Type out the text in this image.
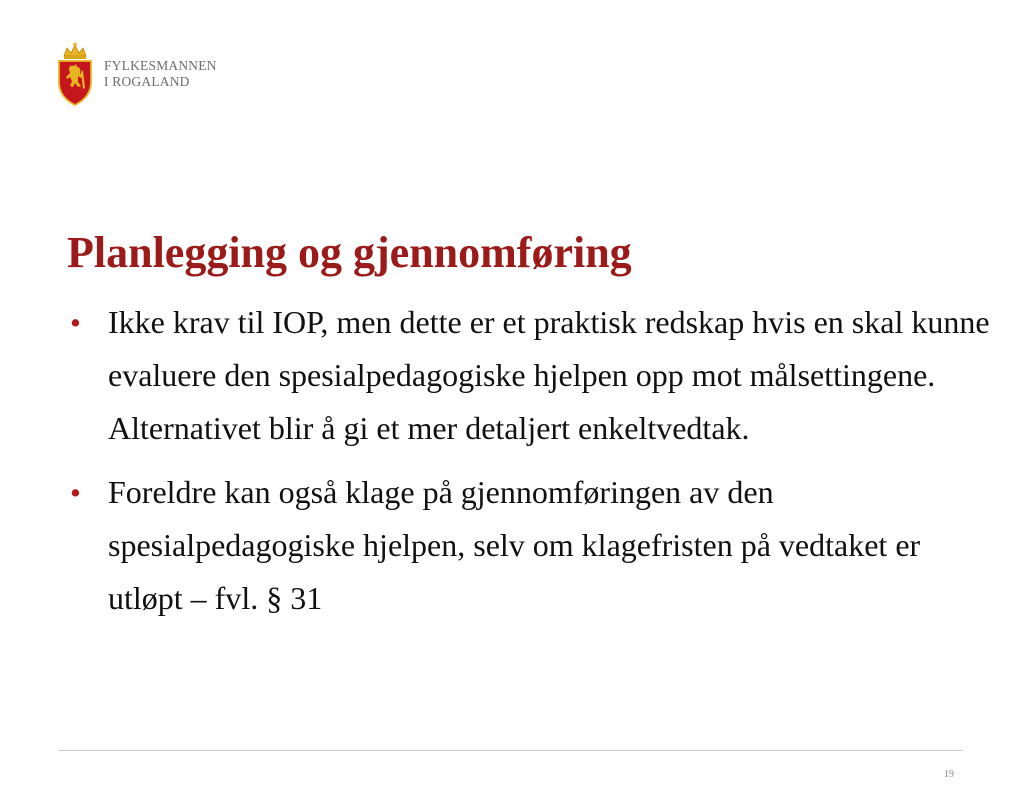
FYLKESMANNEN
I ROGALAND
Planlegging og gjennomføring
• Ikke krav til IOP, men dette er et praktisk redskap hvis en skal kunne evaluere den spesialpedagogiske hjelpen opp mot målsettingene. Alternativet blir å gi et mer detaljert enkeltvedtak.
• Foreldre kan også klage på gjennomføringen av den spesialpedagogiske hjelpen, selv om klagefristen på vedtaket er utløpt – fvl. § 31
19
